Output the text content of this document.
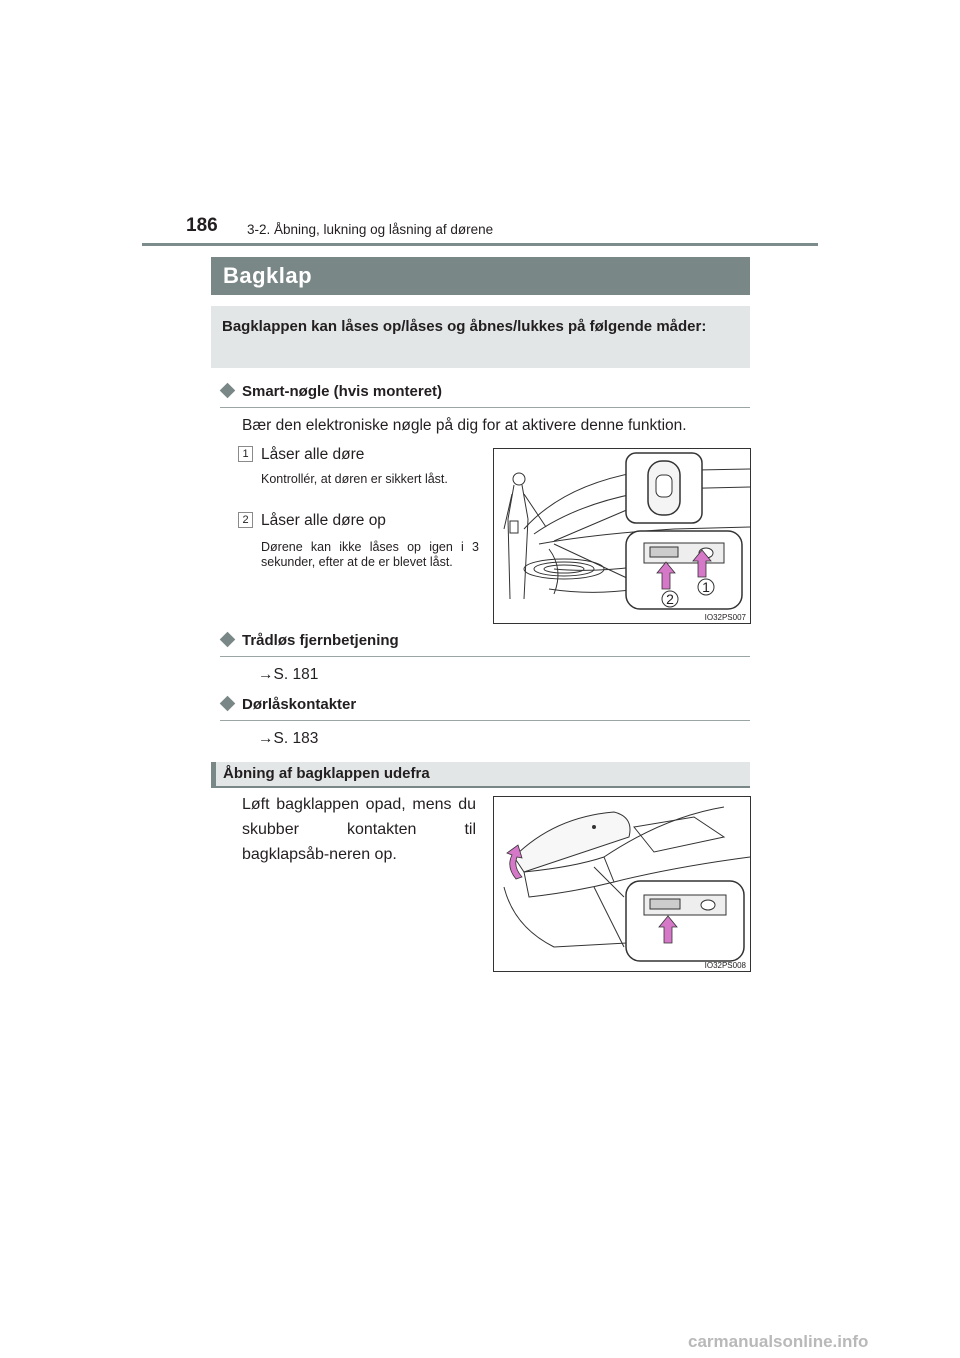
186 3-2. Åbning, lukning og låsning af dørene
Bagklap
Bagklappen kan låses op/låses og åbnes/lukkes på følgende måder:
Smart-nøgle (hvis monteret)
Bær den elektroniske nøgle på dig for at aktivere denne funktion.
1 Låser alle døre
Kontrollér, at døren er sikkert låst.
2 Låser alle døre op
Dørene kan ikke låses op igen i 3 sekunder, efter at de er blevet låst.
1
2
IO32PS007
Trådløs fjernbetjening
→S. 181
Dørlåskontakter
→S. 183
Åbning af bagklappen udefra
Løft bagklappen opad, mens du skubber kontakten til bagklapsåb-neren op.
IO32PS008
carmanualsonline.info
